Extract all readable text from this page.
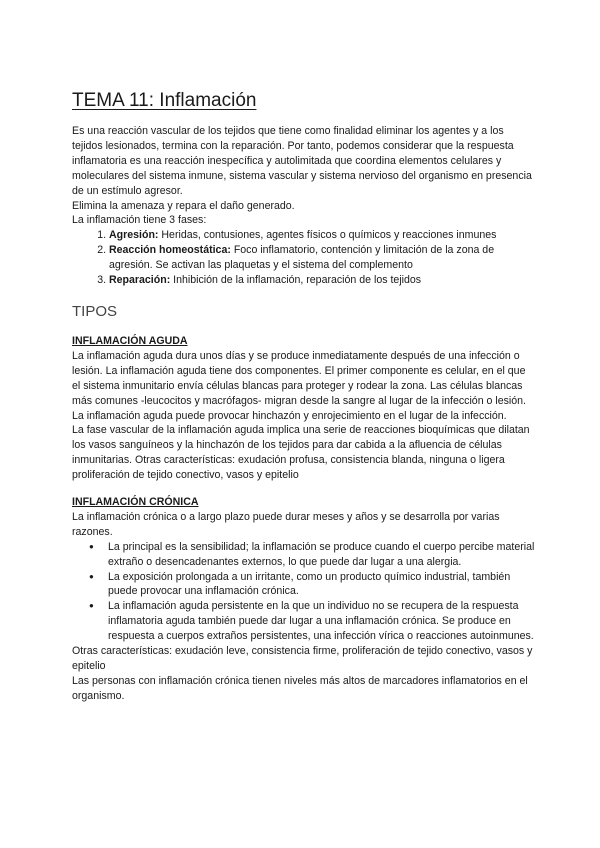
TEMA 11: Inflamación

Es una reacción vascular de los tejidos que tiene como finalidad eliminar los agentes y a los tejidos lesionados, termina con la reparación. Por tanto, podemos considerar que la respuesta inflamatoria es una reacción inespecífica y autolimitada que coordina elementos celulares y moleculares del sistema inmune, sistema vascular y sistema nervioso del organismo en presencia de un estímulo agresor.

Elimina la amenaza y repara el daño generado.

La inflamación tiene 3 fases:

1. Agresión: Heridas, contusiones, agentes físicos o químicos y reacciones inmunes
2. Reacción homeostática: Foco inflamatorio, contención y limitación de la zona de agresión. Se activan las plaquetas y el sistema del complemento
3. Reparación: Inhibición de la inflamación, reparación de los tejidos
TIPOS
INFLAMACIÓN AGUDA

La inflamación aguda dura unos días y se produce inmediatamente después de una infección o lesión. La inflamación aguda tiene dos componentes. El primer componente es celular, en el que el sistema inmunitario envía células blancas para proteger y rodear la zona. Las células blancas más comunes -leucocitos y macrófagos- migran desde la sangre al lugar de la infección o lesión.

La inflamación aguda puede provocar hinchazón y enrojecimiento en el lugar de la infección.

La fase vascular de la inflamación aguda implica una serie de reacciones bioquímicas que dilatan los vasos sanguíneos y la hinchazón de los tejidos para dar cabida a la afluencia de células inmunitarias. Otras características: exudación profusa, consistencia blanda, ninguna o ligera proliferación de tejido conectivo, vasos y epitelio

INFLAMACIÓN CRÓNICA

La inflamación crónica o a largo plazo puede durar meses y años y se desarrolla por varias razones.

● La principal es la sensibilidad; la inflamación se produce cuando el cuerpo percibe material extraño o desencadenantes externos, lo que puede dar lugar a una alergia.
● La exposición prolongada a un irritante, como un producto químico industrial, también
puede provocar una inflamación crónica.
● La inflamación aguda persistente en la que un individuo no se recupera de la respuesta
inflamatoria aguda también puede dar lugar a una inflamación crónica. Se produce en respuesta a cuerpos extraños persistentes, una infección vírica o reacciones autoinmunes.

Otras características: exudación leve, consistencia firme, proliferación de tejido conectivo, vasos y epitelio

Las personas con inflamación crónica tienen niveles más altos de marcadores inflamatorios en el organismo.
